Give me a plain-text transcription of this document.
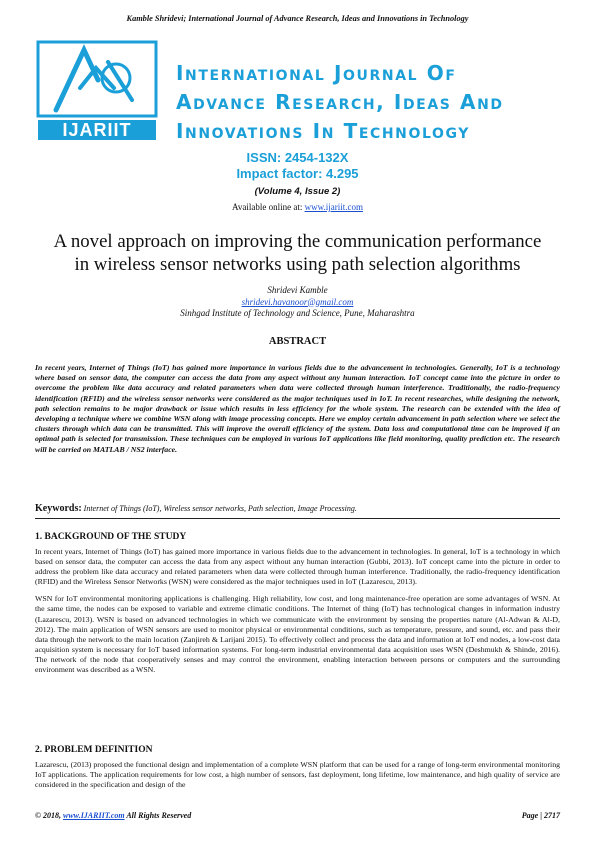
Kamble Shridevi; International Journal of Advance Research, Ideas and Innovations in Technology
IJARIIT
International Journal Of
Advance Research, Ideas And
Innovations In Technology
ISSN: 2454-132X
Impact factor: 4.295
(Volume 4, Issue 2)
Available online at: www.ijariit.com
A novel approach on improving the communication performance
in wireless sensor networks using path selection algorithms
Shridevi Kamble
shridevi.havanoor@gmail.com
Sinhgad Institute of Technology and Science, Pune, Maharashtra
ABSTRACT
In recent years, Internet of Things (IoT) has gained more importance in various fields due to the advancement in technologies. Generally, IoT is a technology where based on sensor data, the computer can access the data from any aspect without any human interaction. IoT concept came into the picture in order to overcome the problem like data accuracy and related parameters when data were collected through human interference. Traditionally, the radio-frequency identification (RFID) and the wireless sensor networks were considered as the major techniques used in IoT. In recent researches, while designing the network, path selection remains to be major drawback or issue which results in less efficiency for the whole system. The research can be extended with the idea of developing a technique where we combine WSN along with image processing concepts. Here we employ certain advancement in path selection where we select the clusters through which data can be transmitted. This will improve the overall efficiency of the system. Data loss and computational time can be improved if an optimal path is selected for transmission. These techniques can be employed in various IoT applications like field monitoring, quality prediction etc. The research will be carried on MATLAB / NS2 interface.
Keywords: Internet of Things (IoT), Wireless sensor networks, Path selection, Image Processing.
1. BACKGROUND OF THE STUDY

In recent years, Internet of Things (IoT) has gained more importance in various fields due to the advancement in technologies. In general, IoT is a technology in which based on sensor data, the computer can access the data from any aspect without any human interaction (Gubbi, 2013). IoT concept came into the picture in order to address the problem like data accuracy and related parameters when data were collected through human interference. Traditionally, the radio-frequency identification (RFID) and the Wireless Sensor Networks (WSN) were considered as the major techniques used in IoT (Lazarescu, 2013).

WSN for IoT environmental monitoring applications is challenging. High reliability, low cost, and long maintenance-free operation are some advantages of WSN. At the same time, the nodes can be exposed to variable and extreme climatic conditions. The Internet of thing (IoT) has technological changes in information industry (Lazarescu, 2013). WSN is based on advanced technologies in which we communicate with the environment by sensing the properties nature (Al-Adwan & Al-D, 2012). The main application of WSN sensors are used to monitor physical or environmental conditions, such as temperature, pressure, and sound, etc. and pass their data through the network to the main location (Zanjireh & Larijani 2015). To effectively collect and process the data and information at IoT end nodes, a low-cost data acquisition system is necessary for IoT based information systems. For long-term industrial environmental data acquisition uses WSN (Deshmukh & Shinde, 2016). The network of the node that cooperatively senses and may control the environment, enabling interaction between persons or computers and the surrounding environment was described as a WSN.

2. PROBLEM DEFINITION

Lazarescu, (2013) proposed the functional design and implementation of a complete WSN platform that can be used for a range of long-term environmental monitoring IoT applications. The application requirements for low cost, a high number of sensors, fast deployment, long lifetime, low maintenance, and high quality of service are considered in the specification and design of the

© 2018, www.IJARIIT.com All Rights Reserved	Page | 2717
